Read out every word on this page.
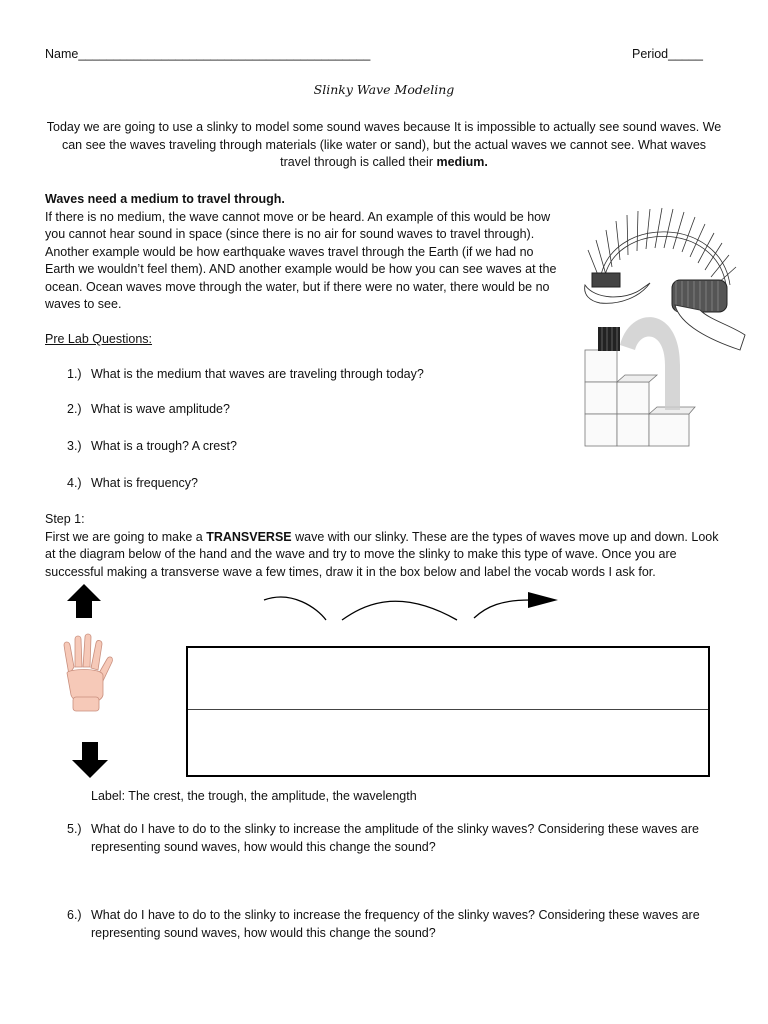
Name__________________________________________	Period_____
Slinky Wave Modeling
Today we are going to use a slinky to model some sound waves because It is impossible to actually see sound waves. We
can see the waves traveling through materials (like water or sand), but the actual waves we cannot see. What waves
travel through is called their medium.
Waves need a medium to travel through.
If there is no medium, the wave cannot move or be heard. An example of this would be how
you cannot hear sound in space (since there is no air for sound waves to travel through).
Another example would be how earthquake waves travel through the Earth (if we had no
Earth we wouldn’t feel them). AND another example would be how you can see waves at the
ocean. Ocean waves move through the water, but if there were no water, there would be no
waves to see.
Pre Lab Questions:
1.) What is the medium that waves are traveling through today?
2.) What is wave amplitude?
3.) What is a trough? A crest?
4.) What is frequency?
Step 1:
First we are going to make a TRANSVERSE wave with our slinky. These are the types of waves move up and down. Look
at the diagram below of the hand and the wave and try to move the slinky to make this type of wave. Once you are
successful making a transverse wave a few times, draw it in the box below and label the vocab words I ask for.
Label: The crest, the trough, the amplitude, the wavelength
5.) What do I have to do to the slinky to increase the amplitude of the slinky waves? Considering these waves are
representing sound waves, how would this change the sound?
6.) What do I have to do to the slinky to increase the frequency of the slinky waves? Considering these waves are
representing sound waves, how would this change the sound?
